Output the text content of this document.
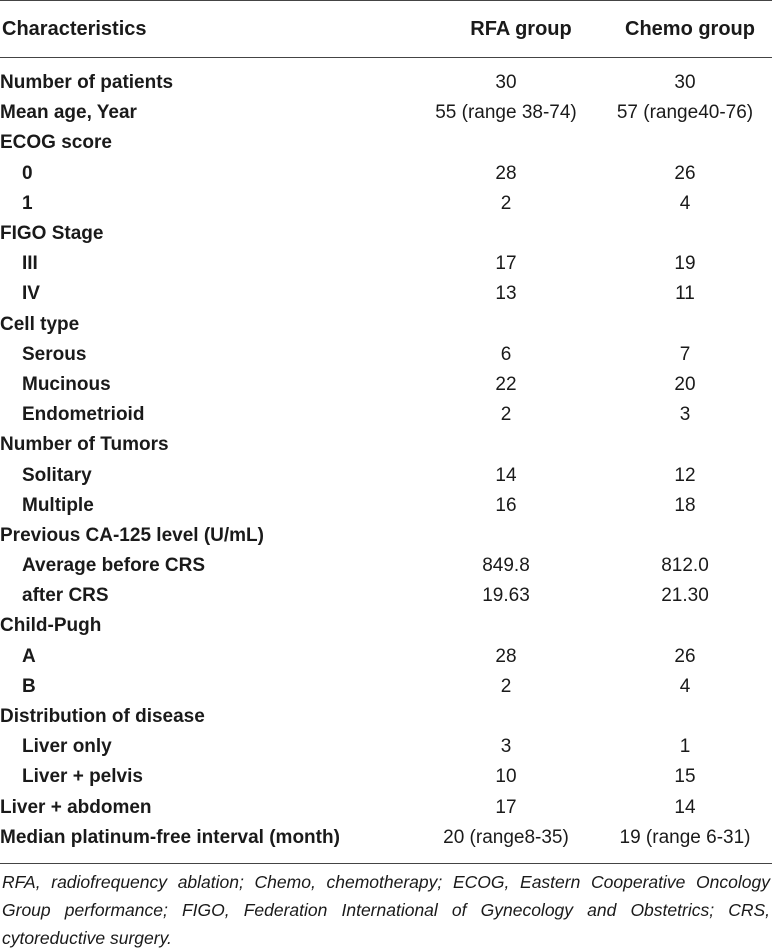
Characteristics	RFA group	Chemo group

Number of patients	30	30
Mean age, Year	55 (range 38-74)	57 (range40-76)
ECOG score		
0	28	26
1	2	4
FIGO Stage		
III	17	19
IV	13	11
Cell type		
Serous	6	7
Mucinous	22	20
Endometrioid	2	3
Number of Tumors		
Solitary	14	12
Multiple	16	18
Previous CA-125 level (U/mL)		
Average before CRS	849.8	812.0
after CRS	19.63	21.30
Child-Pugh		
A	28	26
B	2	4
Distribution of disease		
Liver only	3	1
Liver + pelvis	10	15
Liver + abdomen	17	14
Median platinum-free interval (month)	20 (range8-35)	19 (range 6-31)

RFA, radiofrequency ablation; Chemo, chemotherapy; ECOG, Eastern Cooperative Oncology Group performance; FIGO, Federation International of Gynecology and Obstetrics; CRS, cytoreductive surgery.
